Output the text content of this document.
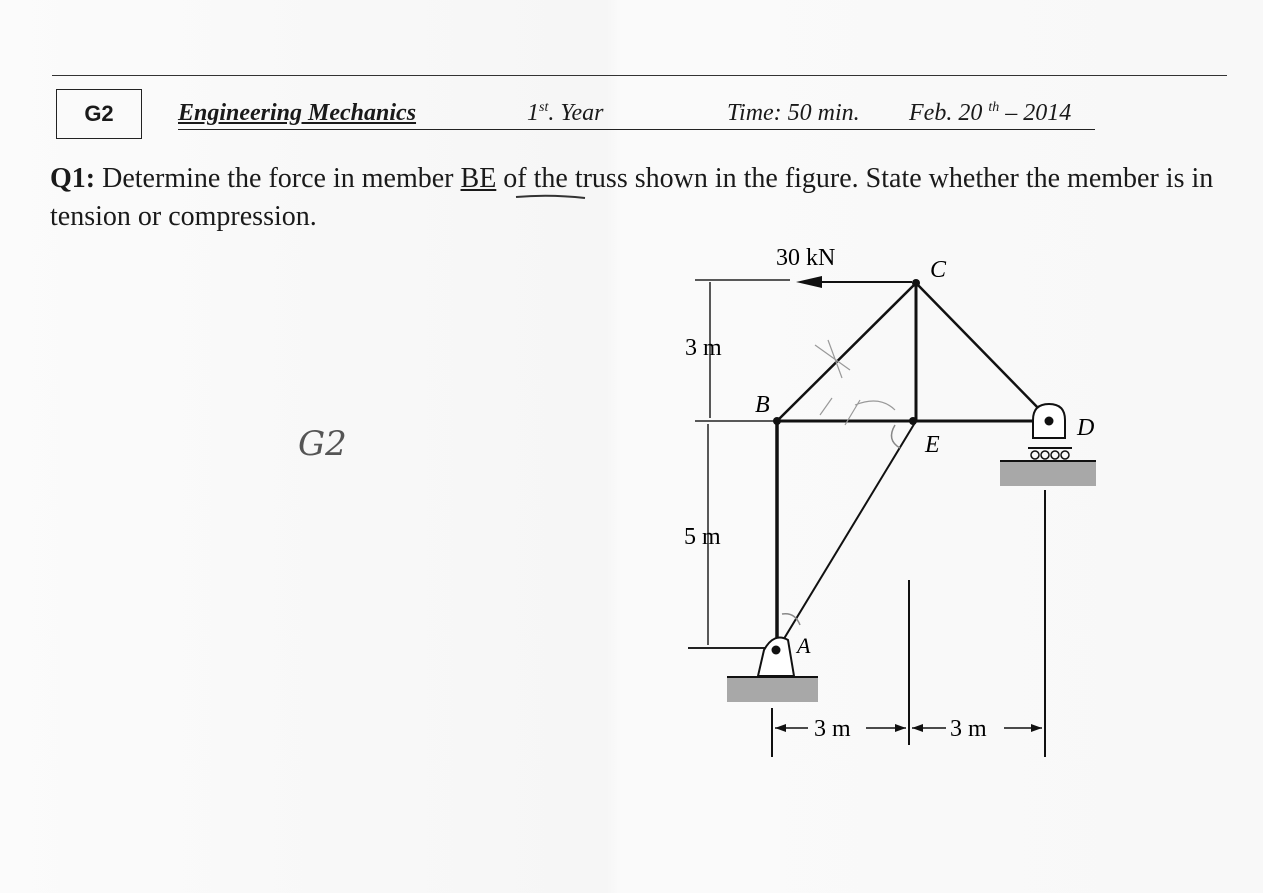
G2	Engineering Mechanics	1st. Year	Time: 50 min. Feb. 20 $^{th}$ – 2014
Q1: Determine the force in member BE of the truss shown in the figure. State whether the member is in tension or compression.
G2
3 m
5 m
30 kN	C
B
E
D
A
3 m	3 m
